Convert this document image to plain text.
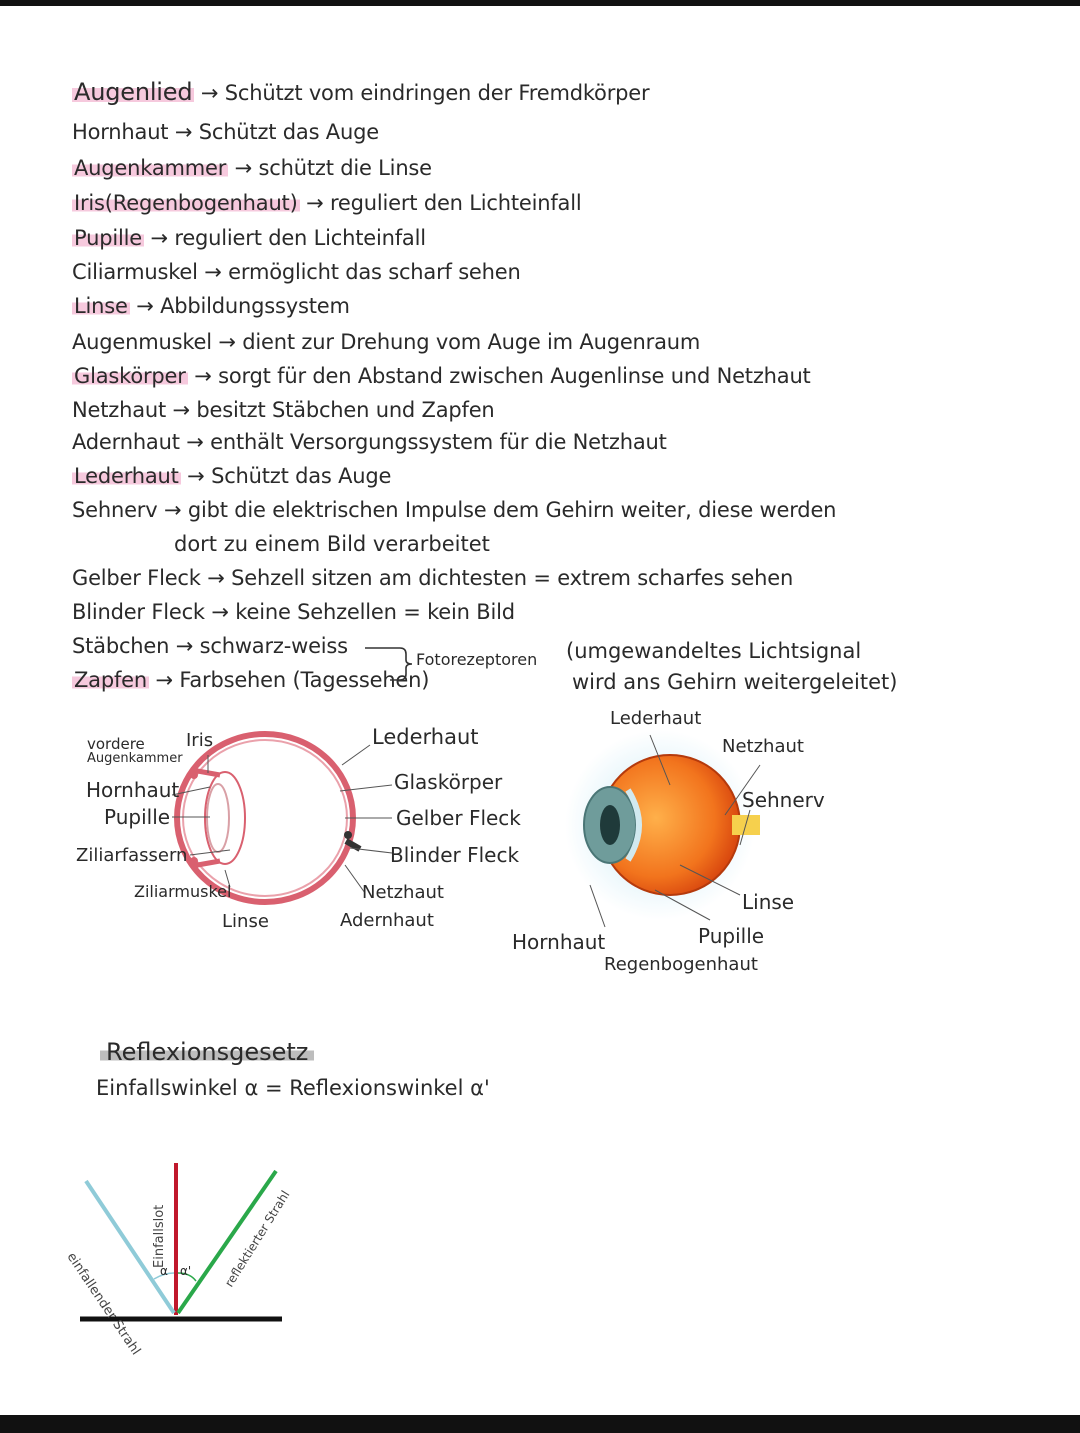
Augenlied → Schützt vom eindringen der Fremdkörper
Hornhaut → Schützt das Auge
Augenkammer → schützt die Linse
Iris(Regenbogenhaut) → reguliert den Lichteinfall
Pupille → reguliert den Lichteinfall
Ciliarmuskel → ermöglicht das scharf sehen
Linse → Abbildungssystem
Augenmuskel → dient zur Drehung vom Auge im Augenraum
Glaskörper → sorgt für den Abstand zwischen Augenlinse und Netzhaut
Netzhaut → besitzt Stäbchen und Zapfen
Adernhaut → enthält Versorgungssystem für die Netzhaut
Lederhaut → Schützt das Auge
Sehnerv → gibt die elektrischen Impulse dem Gehirn weiter, diese werden
dort zu einem Bild verarbeitet
Gelber Fleck → Sehzell sitzen am dichtesten = extrem scharfes sehen
Blinder Fleck → keine Sehzellen = kein Bild
Stäbchen → schwarz-weiss
Zapfen → Farbsehen (Tagessehen)
Fotorezeptoren (umgewandeltes Lichtsignal
wird ans Gehirn weitergeleitet)
vordere
Augenkammer
Iris
Hornhaut
Pupille
Ziliarfassern
Ziliarmuskel
Linse
Lederhaut
Glaskörper
Gelber Fleck
Blinder Fleck
Netzhaut
Adernhaut
Lederhaut
Netzhaut
Sehnerv
Linse
Pupille
Hornhaut
Regenbogenhaut
Reflexionsgesetz
Einfallswinkel α = Reflexionswinkel α'
einfallender Strahl
Einfallslot	reflektierter Strahl
α α'
